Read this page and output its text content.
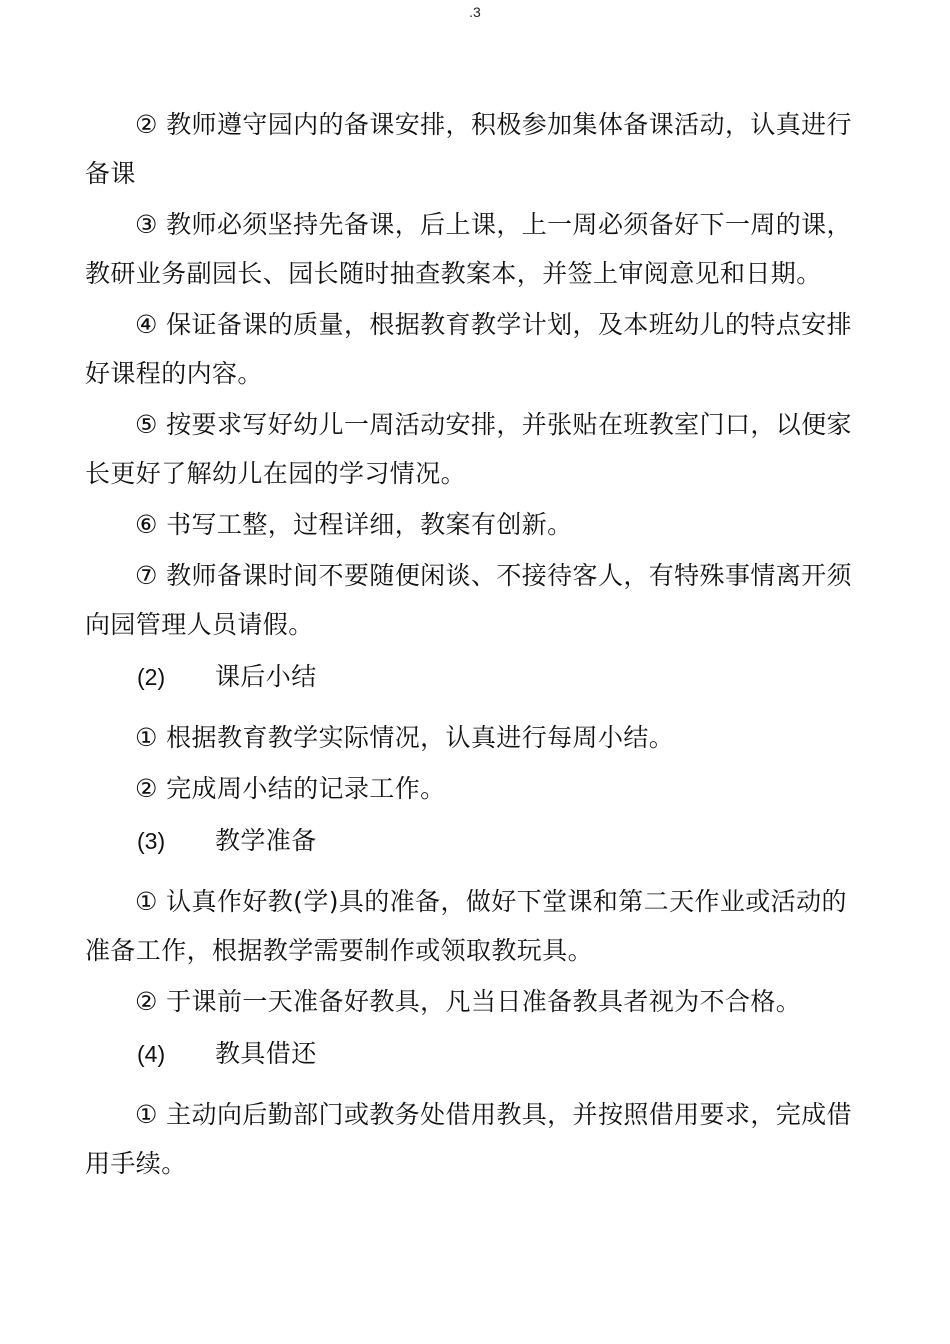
.3

② 教师遵守园内的备课安排，积极参加集体备课活动，认真进行备课

③ 教师必须坚持先备课，后上课，上一周必须备好下一周的课，教研业务副园长、园长随时抽查教案本，并签上审阅意见和日期。

④ 保证备课的质量，根据教育教学计划，及本班幼儿的特点安排好课程的内容。

⑤ 按要求写好幼儿一周活动安排，并张贴在班教室门口，以便家长更好了解幼儿在园的学习情况。

⑥ 书写工整，过程详细，教案有创新。

⑦ 教师备课时间不要随便闲谈、不接待客人，有特殊事情离开须向园管理人员请假。

(2)	课后小结

① 根据教育教学实际情况，认真进行每周小结。

② 完成周小结的记录工作。

(3)	教学准备

① 认真作好教(学)具的准备，做好下堂课和第二天作业或活动的准备工作，根据教学需要制作或领取教玩具。

② 于课前一天准备好教具，凡当日准备教具者视为不合格。

(4)	教具借还

① 主动向后勤部门或教务处借用教具，并按照借用要求，完成借用手续。
